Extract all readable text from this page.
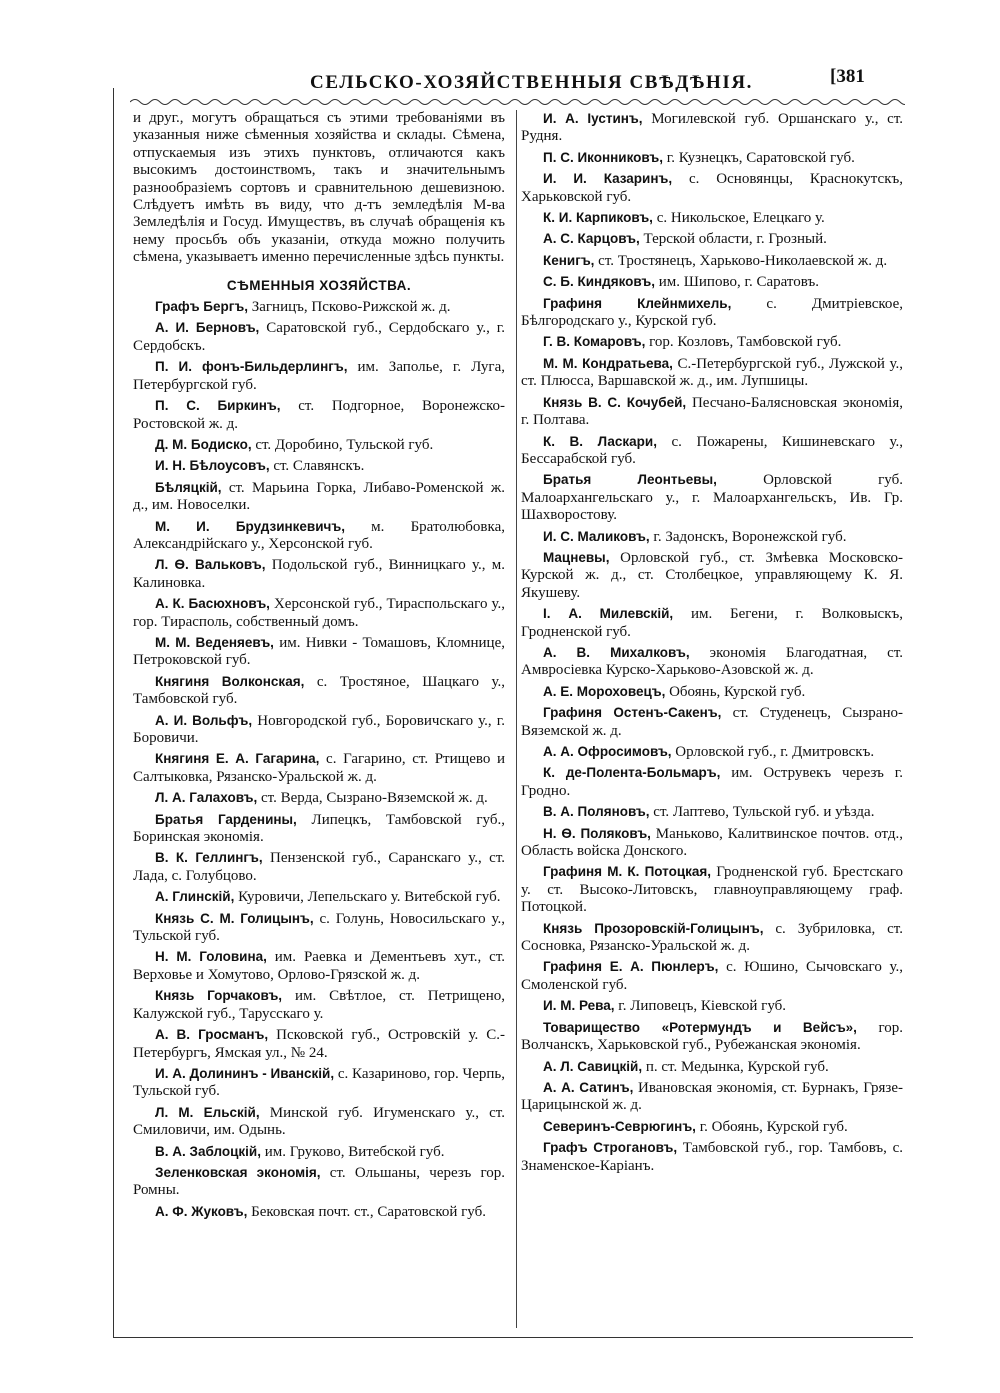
СЕЛЬСКО-ХОЗЯЙСТВЕННЫЯ СВѢДѢНІЯ.	[381

и друг., могутъ обращаться съ этими требованіями въ указанныя ниже сѣменныя хозяйства и склады. Сѣмена, отпускаемыя изъ этихъ пунктовъ, отличаются какъ высокимъ достоинствомъ, такъ и значительнымъ разнообразіемъ сортовъ и сравнительною дешевизною. Слѣдуетъ имѣть въ виду, что д-тъ земледѣлія М-ва Земледѣлія и Госуд. Имуществъ, въ случаѣ обращенія къ нему просьбъ объ указаніи, откуда можно получить сѣмена, указываетъ именно перечисленные здѣсь пункты.

СѢМЕННЫЯ ХОЗЯЙСТВА.

Графъ Бергъ, Загницъ, Псково-Рижской ж. д.

А. И. Берновъ, Саратовской губ., Сердобскаго у., г. Сердобскъ.

П. И. фонъ-Бильдерлингъ, им. Заполье, г. Луга, Петербургской губ.

П. С. Биркинъ, ст. Подгорное, Воронежско-Ростовской ж. д.

Д. М. Бодиско, ст. Доробино, Тульской губ.

И. Н. Бѣлоусовъ, ст. Славянскъ.

Бѣляцкій, ст. Марьина Горка, Либаво-Роменской ж. д., им. Новоселки.

М. И. Брудзинкевичъ, м. Братолюбовка, Александрійскаго у., Херсонской губ.

Л. Ѳ. Вальковъ, Подольской губ., Винницкаго у., м. Калиновка.

А. К. Басюхновъ, Херсонской губ., Тираспольскаго у., гор. Тирасполь, собственный домъ.

М. М. Веденяевъ, им. Нивки - Томашовъ, Кломнице, Петроковской губ.

Княгиня Волконская, с. Тростяное, Шацкаго у., Тамбовской губ.

А. И. Вольфъ, Новгородской губ., Боровичскаго у., г. Боровичи.

Княгиня Е. А. Гагарина, с. Гагарино, ст. Ртищево и Салтыковка, Рязанско-Уральской ж. д.

Л. А. Галаховъ, ст. Верда, Сызрано-Вяземской ж. д.

Братья Гарденины, Липецкъ, Тамбовской губ., Боринская экономія.

В. К. Геллингъ, Пензенской губ., Саранскаго у., ст. Лада, с. Голубцово.

А. Глинскій, Куровичи, Лепельскаго у. Витебской губ.

Князь С. М. Голицынъ, с. Голунь, Новосильскаго у., Тульской губ.

Н. М. Головина, им. Раевка и Дементьевъ хут., ст. Верховье и Хомутово, Орлово-Грязской ж. д.

Князь Горчаковъ, им. Свѣтлое, ст. Петрищено, Калужской губ., Тарусскаго у.

А. В. Гросманъ, Псковской губ., Островскій у. С.-Петербургъ, Ямская ул., № 24.

И. А. Долининъ - Иванскій, с. Казариново, гор. Черпь, Тульской губ.

Л. М. Ельскій, Минской губ. Игуменскаго у., ст. Смиловичи, им. Одынь.

В. А. Заблоцкій, им. Груково, Витебской губ.

Зеленковская экономія, ст. Ольшаны, черезъ гор. Ромны.

А. Ф. Жуковъ, Бековская почт. ст., Саратовской губ.

И. А. Іустинъ, Могилевской губ. Оршанскаго у., ст. Рудня.

П. С. Иконниковъ, г. Кузнецкъ, Саратовской губ.

И. И. Казаринъ, с. Основянцы, Краснокутскъ, Харьковской губ.

К. И. Карпиковъ, с. Никольское, Елецкаго у.

А. С. Карцовъ, Терской области, г. Грозный.

Кенигъ, ст. Тростянецъ, Харьково-Николаевской ж. д.

С. Б. Киндяковъ, им. Шиповo, г. Саратовъ.

Графиня Клейнмихель, с. Дмитріевское, Бѣлгородскаго у., Курской губ.

Г. В. Комаровъ, гор. Козловъ, Тамбовской губ.

М. М. Кондратьева, С.-Петербургской губ., Лужской у., ст. Плюсса, Варшавской ж. д., им. Лупшицы.

Князь В. С. Кочубей, Песчано-Балясновская экономія, г. Полтава.

К. В. Ласкари, с. Пожарены, Кишиневскаго у., Бессарабской губ.

Братья Леонтьевы, Орловской губ. Малоархангельскаго у., г. Малоархангельскъ, Ив. Гр. Шахворостову.

И. С. Маликовъ, г. Задонскъ, Воронежской губ.

Мацневы, Орловской губ., ст. Змѣевка Московско-Курской ж. д., ст. Столбецкое, управляющему К. Я. Якушеву.

І. А. Милевскій, им. Бегени, г. Волковыскъ, Гродненской губ.

А. В. Михалковъ, экономія Благодатная, ст. Амвросіевка Курско-Харьково-Азовской ж. д.

А. Е. Мороховецъ, Обоянь, Курской губ.

Графиня Остенъ-Сакенъ, ст. Студенецъ, Сызрано-Вяземской ж. д.

А. А. Офросимовъ, Орловской губ., г. Дмитровскъ.

К. де-Полента-Больмаръ, им. Острувекъ черезъ г. Гродно.

В. А. Поляновъ, ст. Лаптево, Тульской губ. и уѣзда.

Н. Ѳ. Поляковъ, Маньково, Калитвинское почтов. отд., Область войска Донского.

Графиня М. К. Потоцкая, Гродненской губ. Брестскаго у. ст. Высоко-Литовскъ, главноуправляющему граф. Потоцкой.

Князь Прозоровскій-Голицынъ, с. Зубриловка, ст. Сосновка, Рязанско-Уральской ж. д.

Графиня Е. А. Пюнлеръ, с. Юшино, Сычовскаго у., Смоленской губ.

И. М. Рева, г. Липовецъ, Кіевской губ.

Товарищество «Ротермундъ и Вейсъ», гор. Волчанскъ, Харьковской губ., Рубежанская экономія.

А. Л. Савицкій, п. ст. Медынка, Курской губ.

А. А. Сатинъ, Ивановская экономія, ст. Бурнакъ, Грязе-Царицынской ж. д.

Северинъ-Севрюгинъ, г. Обоянь, Курской губ.

Графъ Строгановъ, Тамбовской губ., гор. Тамбовъ, с. Знаменское-Каріанъ.
